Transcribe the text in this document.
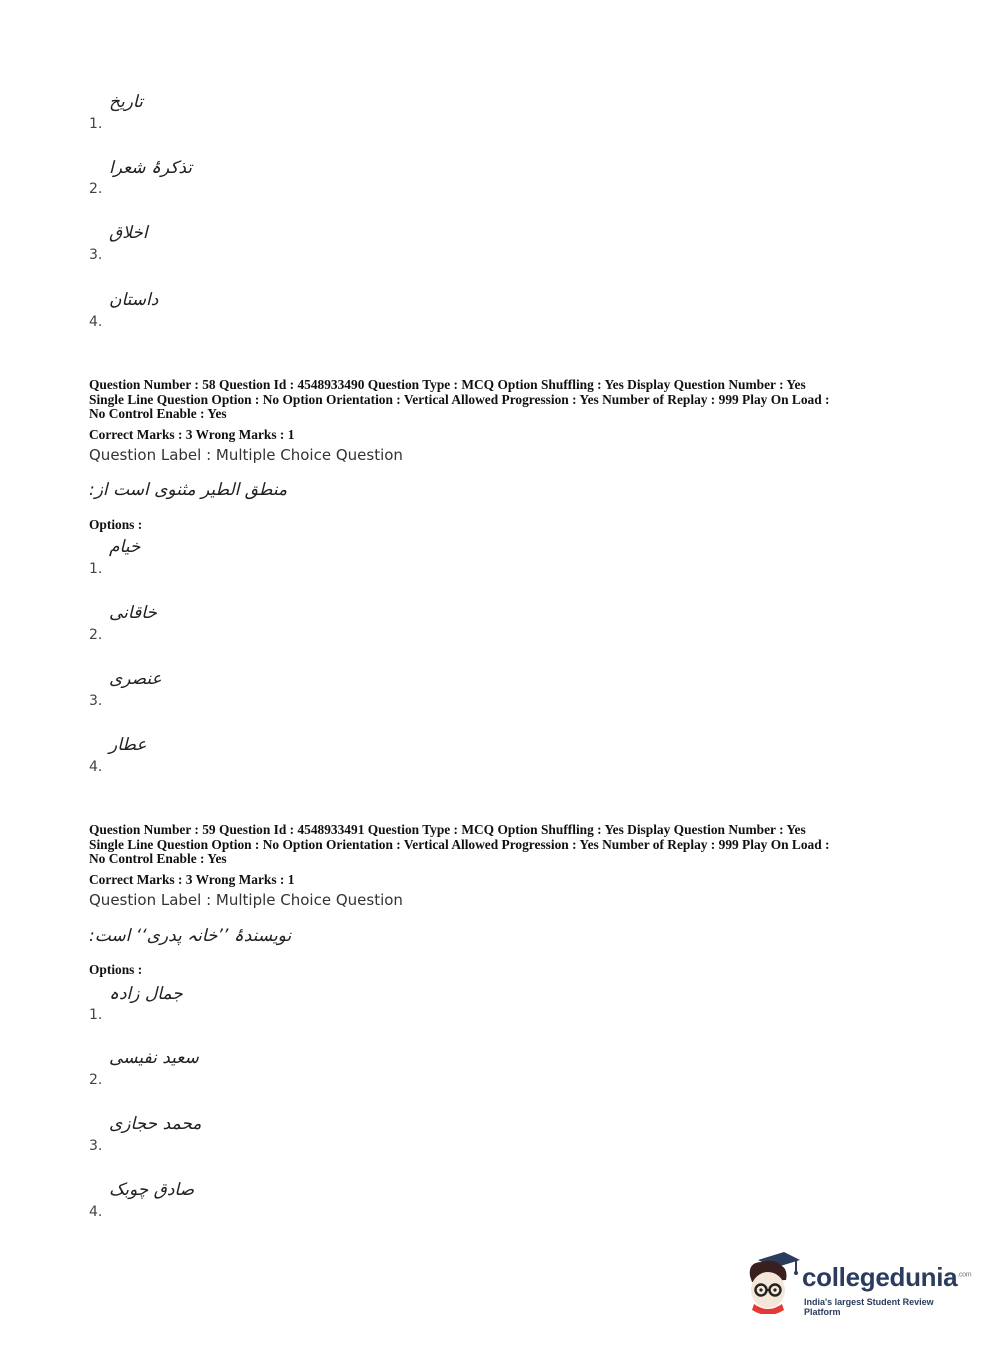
تاریخ
1.
تذکرۂ شعرا
2.
اخلاق
3.
داستان
4.
Question Number : 58 Question Id : 4548933490 Question Type : MCQ Option Shuffling : Yes Display Question Number : Yes
Single Line Question Option : No Option Orientation : Vertical Allowed Progression : Yes Number of Replay : 999 Play On Load :
No Control Enable : Yes
Correct Marks : 3 Wrong Marks : 1
Question Label : Multiple Choice Question
منطق الطیر مثنوی است از:
Options :
خیام
1.
خاقانی
2.
عنصری
3.
عطار
4.
Question Number : 59 Question Id : 4548933491 Question Type : MCQ Option Shuffling : Yes Display Question Number : Yes
Single Line Question Option : No Option Orientation : Vertical Allowed Progression : Yes Number of Replay : 999 Play On Load :
No Control Enable : Yes
Correct Marks : 3 Wrong Marks : 1
Question Label : Multiple Choice Question
نویسندۂ ’’خانہ پدری‘‘ است:
Options :
جمال زادہ
1.
سعید نفیسی
2.
محمد حجازی
3.
صادق چوبک
4.
collegedunia$^{.com}$
India's largest Student Review Platform
